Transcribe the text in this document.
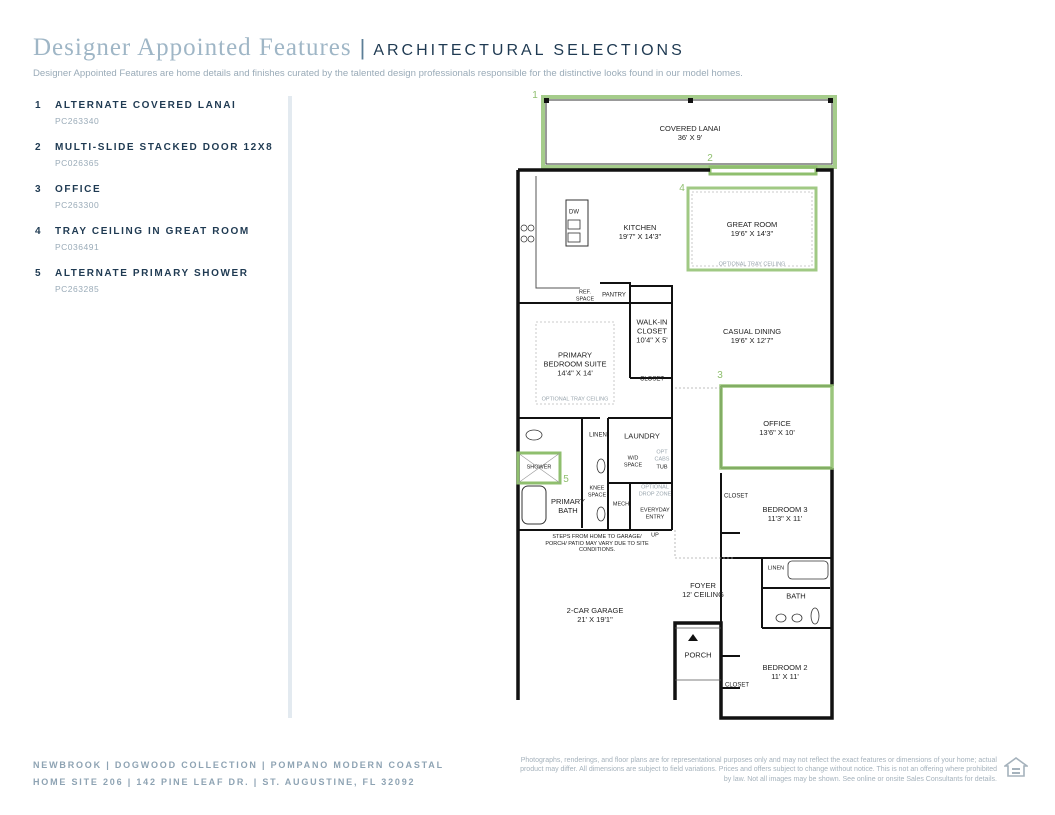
Designer Appointed Features | ARCHITECTURAL SELECTIONS
Designer Appointed Features are home details and finishes curated by the talented design professionals responsible for the distinctive looks found in our model homes.
1 ALTERNATE COVERED LANAI
PC263340
2 MULTI-SLIDE STACKED DOOR 12X8
PC026365
3 OFFICE
PC263300
4 TRAY CEILING IN GREAT ROOM
PC036491
5 ALTERNATE PRIMARY SHOWER
PC263285
1
2
3
4
5
COVERED LANAI
36' X 9'
KITCHEN
19'7" X 14'3"
DW
REF. SPACE
PANTRY
GREAT ROOM
19'6" X 14'3"
OPTIONAL TRAY CEILING
WALK-IN CLOSET
10'4" X 5'
CASUAL DINING
19'6" X 12'7"
PRIMARY BEDROOM SUITE
14'4" X 14'
OPTIONAL TRAY CEILING
CLOSET
OFFICE
13'6" X 10'
LINEN LAUNDRY
W/D SPACE
OPT CABS
TUB
SHOWER
KNEE SPACE
PRIMARY BATH
MECH
OPTIONAL DROP ZONE
EVERYDAY ENTRY
UP
CLOSET
BEDROOM 3
11'3" X 11'
STEPS FROM HOME TO GARAGE/ PORCH/ PATIO MAY VARY DUE TO SITE CONDITIONS.
2-CAR GARAGE
21' X 19'1"
FOYER
12' CEILING
LINEN
BATH
PORCH
BEDROOM 2
11' X 11'
CLOSET
NEWBROOK | DOGWOOD COLLECTION | POMPANO MODERN COASTAL
HOME SITE 206 | 142 PINE LEAF DR. | ST. AUGUSTINE, FL 32092
Photographs, renderings, and floor plans are for representational purposes only and may not reflect the exact features or dimensions of your home; actual product may differ. All dimensions are subject to field variations. Prices and offers subject to change without notice. This is not an offering where prohibited by law. Not all images may be shown. See online or onsite Sales Consultants for details.
